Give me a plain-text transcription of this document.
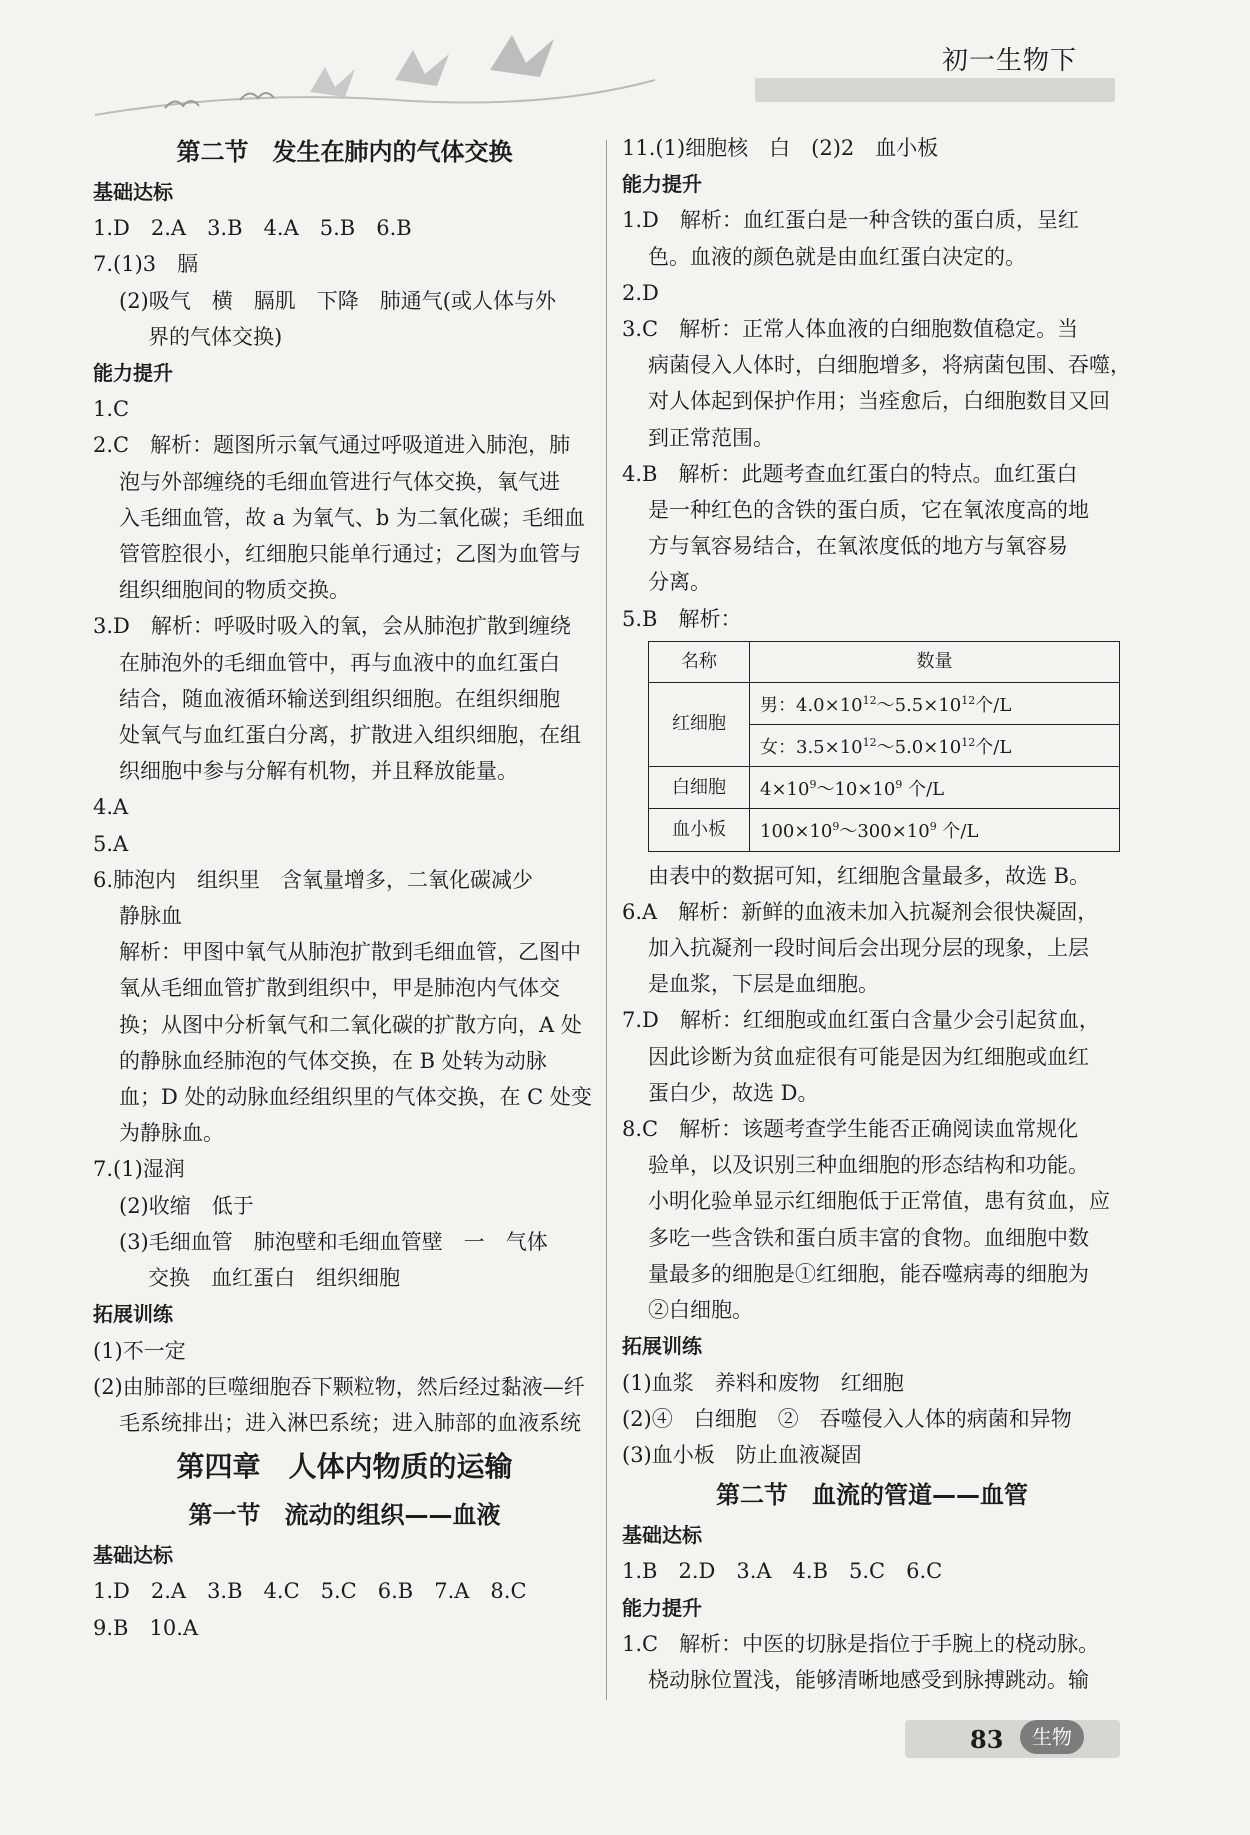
初一生物下
第二节　发生在肺内的气体交换
基础达标
1.D　2.A　3.B　4.A　5.B　6.B
7.(1)3　膈
(2)吸气　横　膈肌　下降　肺通气(或人体与外
界的气体交换)
能力提升
1.C
2.C　解析：题图所示氧气通过呼吸道进入肺泡，肺
泡与外部缠绕的毛细血管进行气体交换，氧气进
入毛细血管，故 a 为氧气、b 为二氧化碳；毛细血
管管腔很小，红细胞只能单行通过；乙图为血管与
组织细胞间的物质交换。
3.D　解析：呼吸时吸入的氧，会从肺泡扩散到缠绕
在肺泡外的毛细血管中，再与血液中的血红蛋白
结合，随血液循环输送到组织细胞。在组织细胞
处氧气与血红蛋白分离，扩散进入组织细胞，在组
织细胞中参与分解有机物，并且释放能量。
4.A
5.A
6.肺泡内　组织里　含氧量增多，二氧化碳减少
静脉血
解析：甲图中氧气从肺泡扩散到毛细血管，乙图中
氧从毛细血管扩散到组织中，甲是肺泡内气体交
换；从图中分析氧气和二氧化碳的扩散方向，A 处
的静脉血经肺泡的气体交换，在 B 处转为动脉
血；D 处的动脉血经组织里的气体交换，在 C 处变
为静脉血。
7.(1)湿润
(2)收缩　低于
(3)毛细血管　肺泡壁和毛细血管壁　一　气体
交换　血红蛋白　组织细胞
拓展训练
(1)不一定
(2)由肺部的巨噬细胞吞下颗粒物，然后经过黏液—纤
毛系统排出；进入淋巴系统；进入肺部的血液系统
第四章　人体内物质的运输
第一节　流动的组织——血液
基础达标
1.D　2.A　3.B　4.C　5.C　6.B　7.A　8.C
9.B　10.A
11.(1)细胞核　白　(2)2　血小板
能力提升
1.D　解析：血红蛋白是一种含铁的蛋白质，呈红
色。血液的颜色就是由血红蛋白决定的。
2.D
3.C　解析：正常人体血液的白细胞数值稳定。当
病菌侵入人体时，白细胞增多，将病菌包围、吞噬，
对人体起到保护作用；当痊愈后，白细胞数目又回
到正常范围。
4.B　解析：此题考查血红蛋白的特点。血红蛋白
是一种红色的含铁的蛋白质，它在氧浓度高的地
方与氧容易结合，在氧浓度低的地方与氧容易
分离。
5.B　解析：
名称	数量
红细胞	男：$4.0\times 10^{12}\sim 5.5\times 10^{12}$个/L
	女：$3.5\times 10^{12}\sim 5.0\times 10^{12}$个/L
白细胞	$4\times 10^9\sim 10\times 10^9$ 个/L
血小板	$100\times 10^9\sim 300\times 10^9$ 个/L
由表中的数据可知，红细胞含量最多，故选 B。
6.A　解析：新鲜的血液未加入抗凝剂会很快凝固，
加入抗凝剂一段时间后会出现分层的现象，上层
是血浆，下层是血细胞。
7.D　解析：红细胞或血红蛋白含量少会引起贫血，
因此诊断为贫血症很有可能是因为红细胞或血红
蛋白少，故选 D。
8.C　解析：该题考查学生能否正确阅读血常规化
验单，以及识别三种血细胞的形态结构和功能。
小明化验单显示红细胞低于正常值，患有贫血，应
多吃一些含铁和蛋白质丰富的食物。血细胞中数
量最多的细胞是①红细胞，能吞噬病毒的细胞为
②白细胞。
拓展训练
(1)血浆　养料和废物　红细胞
(2)④　白细胞　②　吞噬侵入人体的病菌和异物
(3)血小板　防止血液凝固
第二节　血流的管道——血管
基础达标
1.B　2.D　3.A　4.B　5.C　6.C
能力提升
1.C　解析：中医的切脉是指位于手腕上的桡动脉。
桡动脉位置浅，能够清晰地感受到脉搏跳动。输
83	生物
